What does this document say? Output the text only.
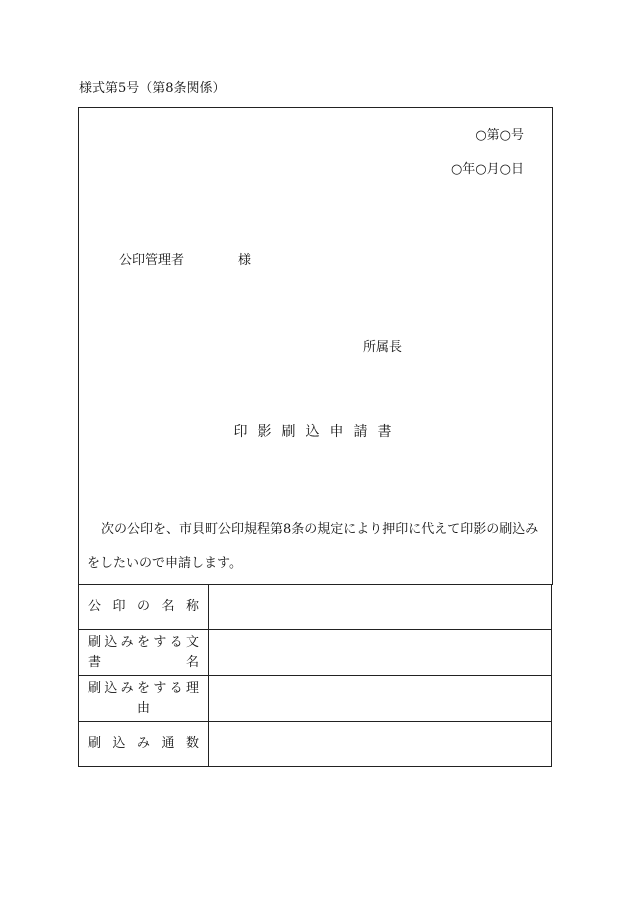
様式第5号（第8条関係）
○第○号
○年○月○日
公印管理者	様
所属長
印影刷込申請書
次の公印を、市貝町公印規程第8条の規定により押印に代えて印影の刷込みをしたいので申請します。
公印の名称	

刷込みをする文
書名	

刷込みをする理
由	

刷込み通数	
